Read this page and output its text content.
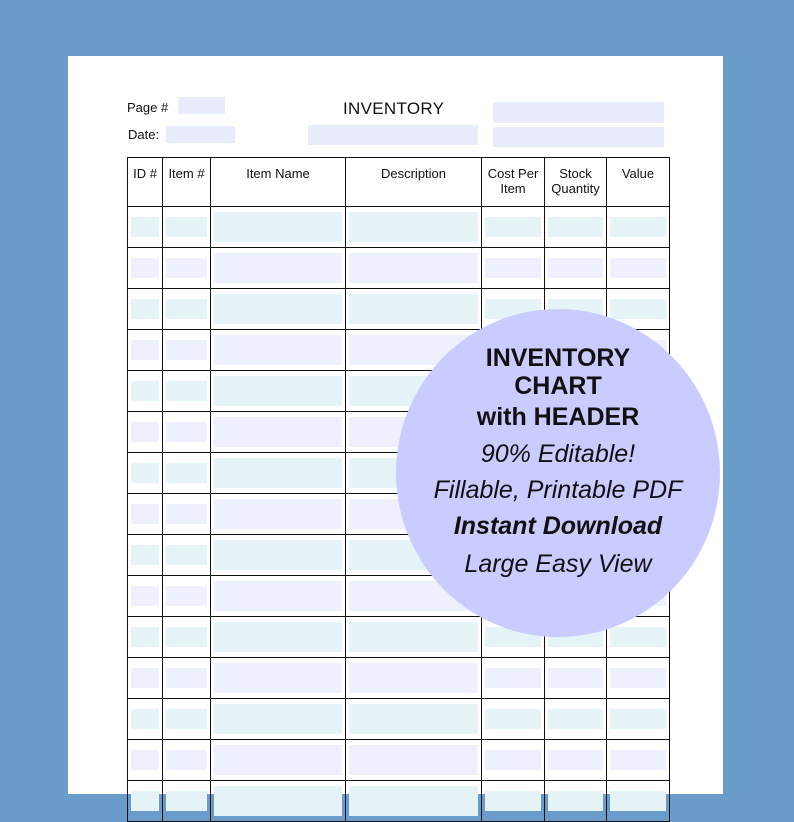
Page #
Date:
INVENTORY
ID #	Item #	Item Name	Description	Cost Per Item	Stock Quantity	Value

INVENTORY
CHART
with HEADER
90% Editable!
Fillable, Printable PDF
Instant Download
Large Easy View
